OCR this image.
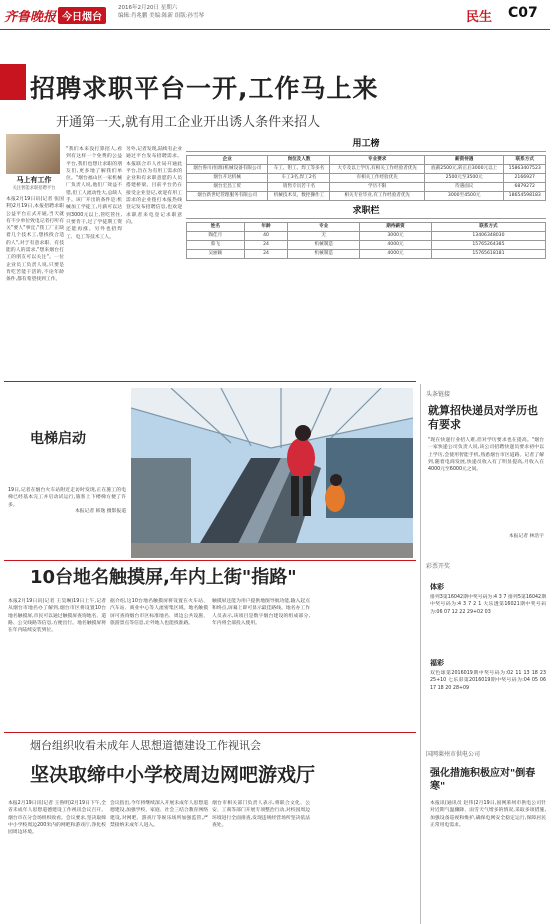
齐鲁晚报 今日烟台
2016年2月20日 星期六
编辑:肖兆鹏 美编:陈新 组版:孙雪琴	民生 C07
招聘求职平台一开,工作马上来
开通第一天,就有用工企业开出诱人条件来招人
马上有工作
关注智能求职招聘平台
本报2月19日讯(记者 张国利)2月19日,本报招聘求职公益平台正式开通,当天就有不少单位致电记者打听有关"要人"事宜,"我工厂正缺着几个技术工,想找找合适的人",对于有意求职、有技能的人的需求,"想来烟台打工的朋友可以关注"。一位企业员工负责人说,只要是肯吃苦能干活的,不论年龄条件,都有希望找到工作。
"我们本来没打算招人,看到有这样一个免费的公益平台,我们也想让求职的朋友们,更多地了解我们单位。"烟台福山区一家机械厂负责人说,他们厂效益不错,但工人流动性大,总缺人手。该厂开出的条件是:机械加工学徒工,月薪可以达到3000元以上,管吃管住,只要肯干,过了学徒期工资还能再涨。另外也招焊工、电工等技术工人。
另外,记者发现,陆续有企业通过平台发布招聘需求。本报联合市人社局开通此平台,旨在为有用工需求的企业和有求职意愿的人员搭建桥梁。目前平台仍在接受企业登记,欢迎有用工需求的企业拨打本报热线登记发布招聘信息,也欢迎求职者来电登记求职意向。
用工榜
企业	岗位及人数	专业要求	薪资待遇	联系方式
烟台鲁川(恒源)机械设备有限公司	车工、钳工、焊工等多名	大专及以上学历,有相关工作经验者优先	底薪2500元,转正后3000元以上	15863407523
烟台开达机械	车工3名,焊工2名	有相关工作经验优先	2500元至3500元	2166927
烟台宏昌工贸	销售专员若干名	学历不限	待遇面议	6879272
烟台新世纪管理服务有限公司	机械技术员、数控操作工	相关专业毕业,有工作经验者优先	3000至4500元	18654598183
求职栏
姓名	年龄	专业	期待薪资	联系方式
陶佳月	40	无	3000元	13406348030
蔡飞	24	机械制造	4000元	15765264385
吴丽颖	24	机械制造	4000元	15765618181
电梯启动
19日,记者在烟台火车站附近走访时发现,正在施工的电梯已经基本完工并启动试运行,旅客上下楼梯方便了许多。
本报记者 韩逸 摄影报道
10台地名触摸屏,年内上街"指路"
本报2月19日讯(记者 王昊琳)19日上午,记者从烟台市地名办了解到,烟台市区将设置10台地名触摸屏,市民可以通过触摸屏查询地名、道路、公交线路等信息,方便出行。地名触摸屏将在年内陆续安装到位。
据介绍,这10台地名触摸屏将设置在火车站、汽车站、商业中心等人流密集区域。地名触摸屏可查询烟台市区标准地名、周边公共设施、旅游景点等信息,让外地人也能找准路。
触摸屏还能为用户提供地图导航功能,输入起点和终点,屏幕上即可显示最佳路线。地名办工作人员表示,该项目是数字烟台建设的组成部分,年内将全部投入使用。
烟台组织收看未成年人思想道德建设工作视讯会
坚决取缔中小学校周边网吧游戏厅
本报2月19日讯(记者 王鲁明)2月19日下午,全省未成年人思想道德建设工作视讯会议召开。烟台市在分会场组织收看。会议要求,坚决取缔中小学校周边200米内的网吧和游戏厅,净化校园周边环境。
会议指出,今年将继续深入开展未成年人思想道德建设,加强学校、家庭、社会三结合教育网络建设,对网吧、游戏厅等娱乐场所加强监管,严禁接纳未成年人进入。
烟台市相关部门负责人表示,将联合文化、公安、工商等部门开展专项整治行动,对校园周边环境进行全面排查,发现违规经营场所坚决依法查处。
头条链接
就算招快递员对学历也有要求
"现在快递行业招人难,但对学历要求也在提高。"烟台一家快递公司负责人说,该公司招聘快递员要求初中以上学历,会使用智能手机,熟悉烟台市区道路。记者了解到,随着电商发展,快递员收入有了明显提高,月收入在4000元至6000元之间。
本报记者 林浩宇
彩票开奖
体彩
排列3第16042期中奖号码为:4 3 7 排列5第16042期中奖号码为:4 3 7 2 1 大乐透第16021期中奖号码为:06 07 12 22 29+02 03
福彩
双色球第2016019期中奖号码为:02 11 13 18 23 25+10 七乐彩第2016019期中奖号码为:04 05 06 17 18 20 28+09
国网莱州市供电公司
强化措施积极应对"倒春寒"
本报讯(通讯员 赵伟)2月19日,国网莱州市供电公司针对近期气温骤降、雨雪天气增多的情况,采取多项措施,加强设备巡视和维护,确保电网安全稳定运行,保障居民正常用电需求。
